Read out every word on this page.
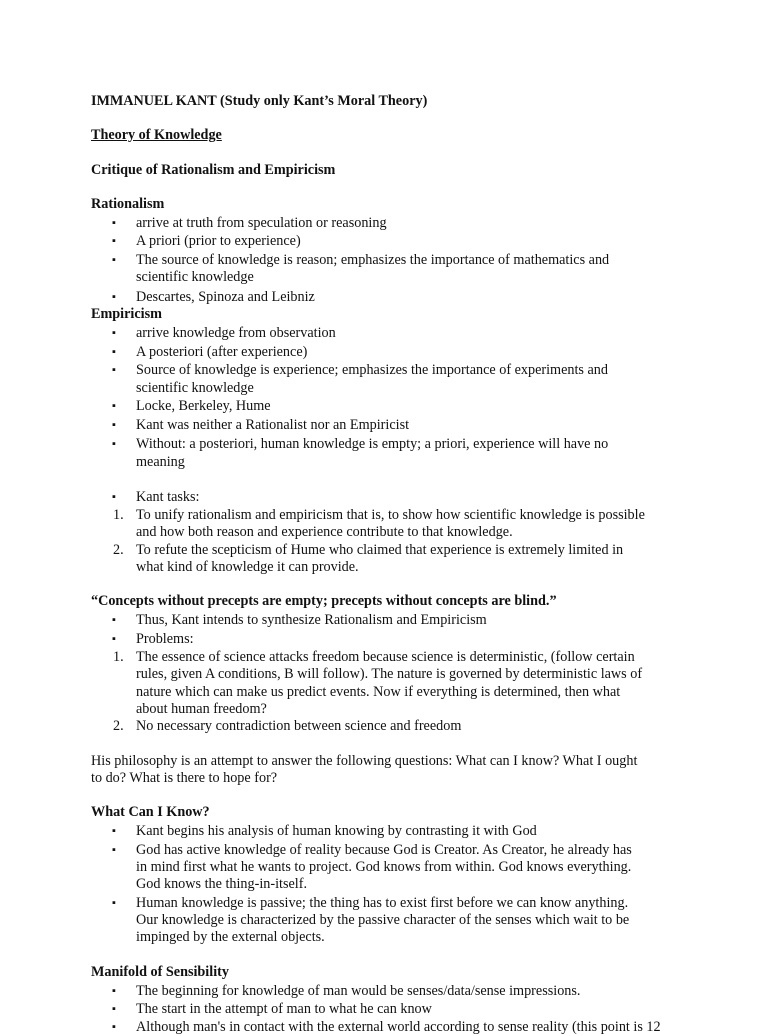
IMMANUEL KANT (Study only Kant’s Moral Theory)
Theory of Knowledge
Critique of Rationalism and Empiricism
Rationalism
▪ arrive at truth from speculation or reasoning
▪ A priori (prior to experience)
▪ The source of knowledge is reason; emphasizes the importance of mathematics and
scientific knowledge
▪ Descartes, Spinoza and Leibniz
Empiricism
▪ arrive knowledge from observation
▪ A posteriori (after experience)
▪ Source of knowledge is experience; emphasizes the importance of experiments and
scientific knowledge
▪ Locke, Berkeley, Hume
▪ Kant was neither a Rationalist nor an Empiricist
▪ Without: a posteriori, human knowledge is empty; a priori, experience will have no
meaning
▪ Kant tasks:
1. To unify rationalism and empiricism that is, to show how scientific knowledge is possible
and how both reason and experience contribute to that knowledge.
2. To refute the scepticism of Hume who claimed that experience is extremely limited in
what kind of knowledge it can provide.
“Concepts without precepts are empty; precepts without concepts are blind.”
▪ Thus, Kant intends to synthesize Rationalism and Empiricism
▪ Problems:
1. The essence of science attacks freedom because science is deterministic, (follow certain
rules, given A conditions, B will follow). The nature is governed by deterministic laws of
nature which can make us predict events. Now if everything is determined, then what
about human freedom?
2. No necessary contradiction between science and freedom
His philosophy is an attempt to answer the following questions: What can I know? What I ought
to do? What is there to hope for?
What Can I Know?
▪ Kant begins his analysis of human knowing by contrasting it with God
▪ God has active knowledge of reality because God is Creator. As Creator, he already has
in mind first what he wants to project. God knows from within. God knows everything.
God knows the thing-in-itself.
▪ Human knowledge is passive; the thing has to exist first before we can know anything.
Our knowledge is characterized by the passive character of the senses which wait to be
impinged by the external objects.
Manifold of Sensibility
▪ The beginning for knowledge of man would be senses/data/sense impressions.
▪ The start in the attempt of man to what he can know
▪ Although man's in contact with the external world according to sense reality (this point is 12
